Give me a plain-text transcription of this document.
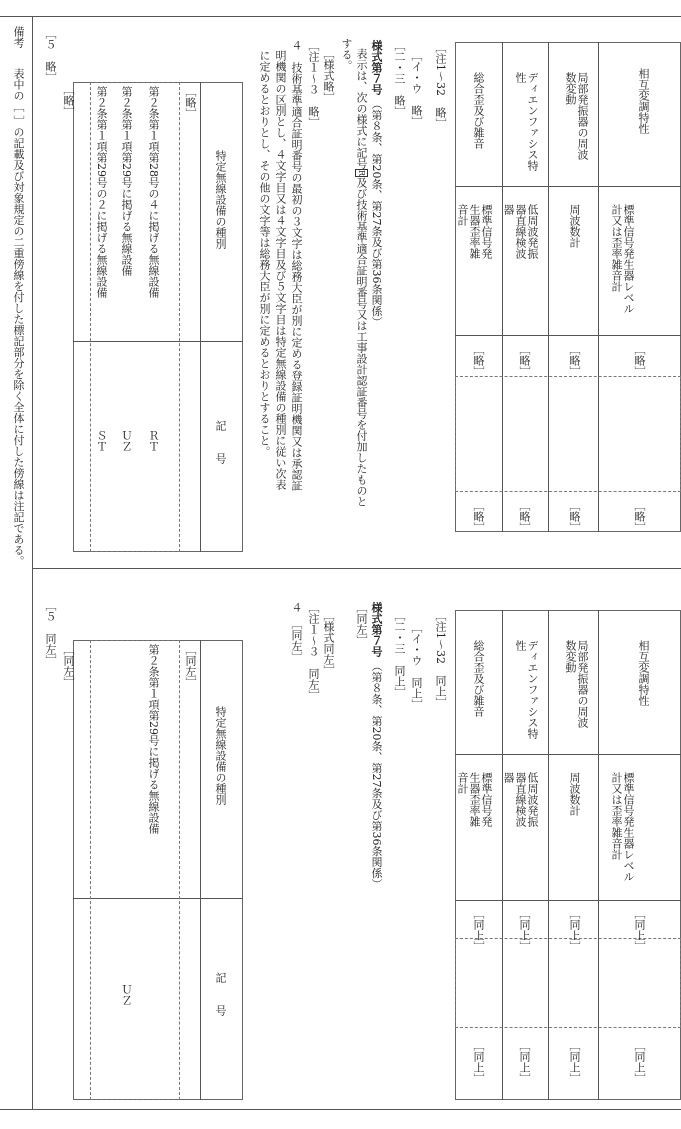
備考
表中の［ ］の記載及び対象規定の二重傍線を付した標記部分を除く全体に付した傍線は注記である。	相互変調特性
標準信号発生器レベル計又は歪率雑音計
局部発振器の周波数変動
周波数計
ディエンファシス特性
低周波発振器直線検波器
総合歪及び雑音
標準信号発生器歪率雑音計
［略］
［略］
［略］
［略］
［略］
［略］
［略］
［略］
［注1～32　略］
［イ・ウ　略］
［二・三　略］
様式第７号 （第８条、第20条、第27条及び第36条関係）
表示は、次の様式に記号R及び技術基準適合証明番号又は工事設計認証番号を付加したものと
する。
［様式略］
［注１～３　略］
４　技術基準適合証明番号の最初の３文字は総務大臣が別に定める登録証明機関又は承認証
明機関の区別とし、４文字目又は４文字目及び５文字目は特定無線設備の種別に従い次表
に定めるとおりとし、その他の文字等は総務大臣が別に定めるとおりとすること。
特定無線設備の種別
記　　号
［略］
第２条第１項第28号の４に掲げる無線設備
ＲＴ
第２条第１項第29号に掲げる無線設備
ＵＺ
第２条第１項第29号の２に掲げる無線設備
ＳＴ
［略］
［５　略］
相互変調特性
標準信号発生器レベル計又は歪率雑音計
局部発振器の周波数変動
周波数計
ディエンファシス特性
低周波発振器直線検波器
総合歪及び雑音
標準信号発生器歪率雑音計
［同上］
［同上］
［同上］
［同上］
［同上］
［同上］
［同上］
［同上］
［注1～32　同上］
［イ・ウ　同上］
［二・三　同上］
様式第７号 （第８条、第20条、第27条及び第36条関係）
［同左］
［様式同左］
［注１～３　同左］
４　［同左］
特定無線設備の種別
記　　号
［同左］
第２条第１項第29号に掲げる無線設備
ＵＺ
［同左］
［５　同左］
